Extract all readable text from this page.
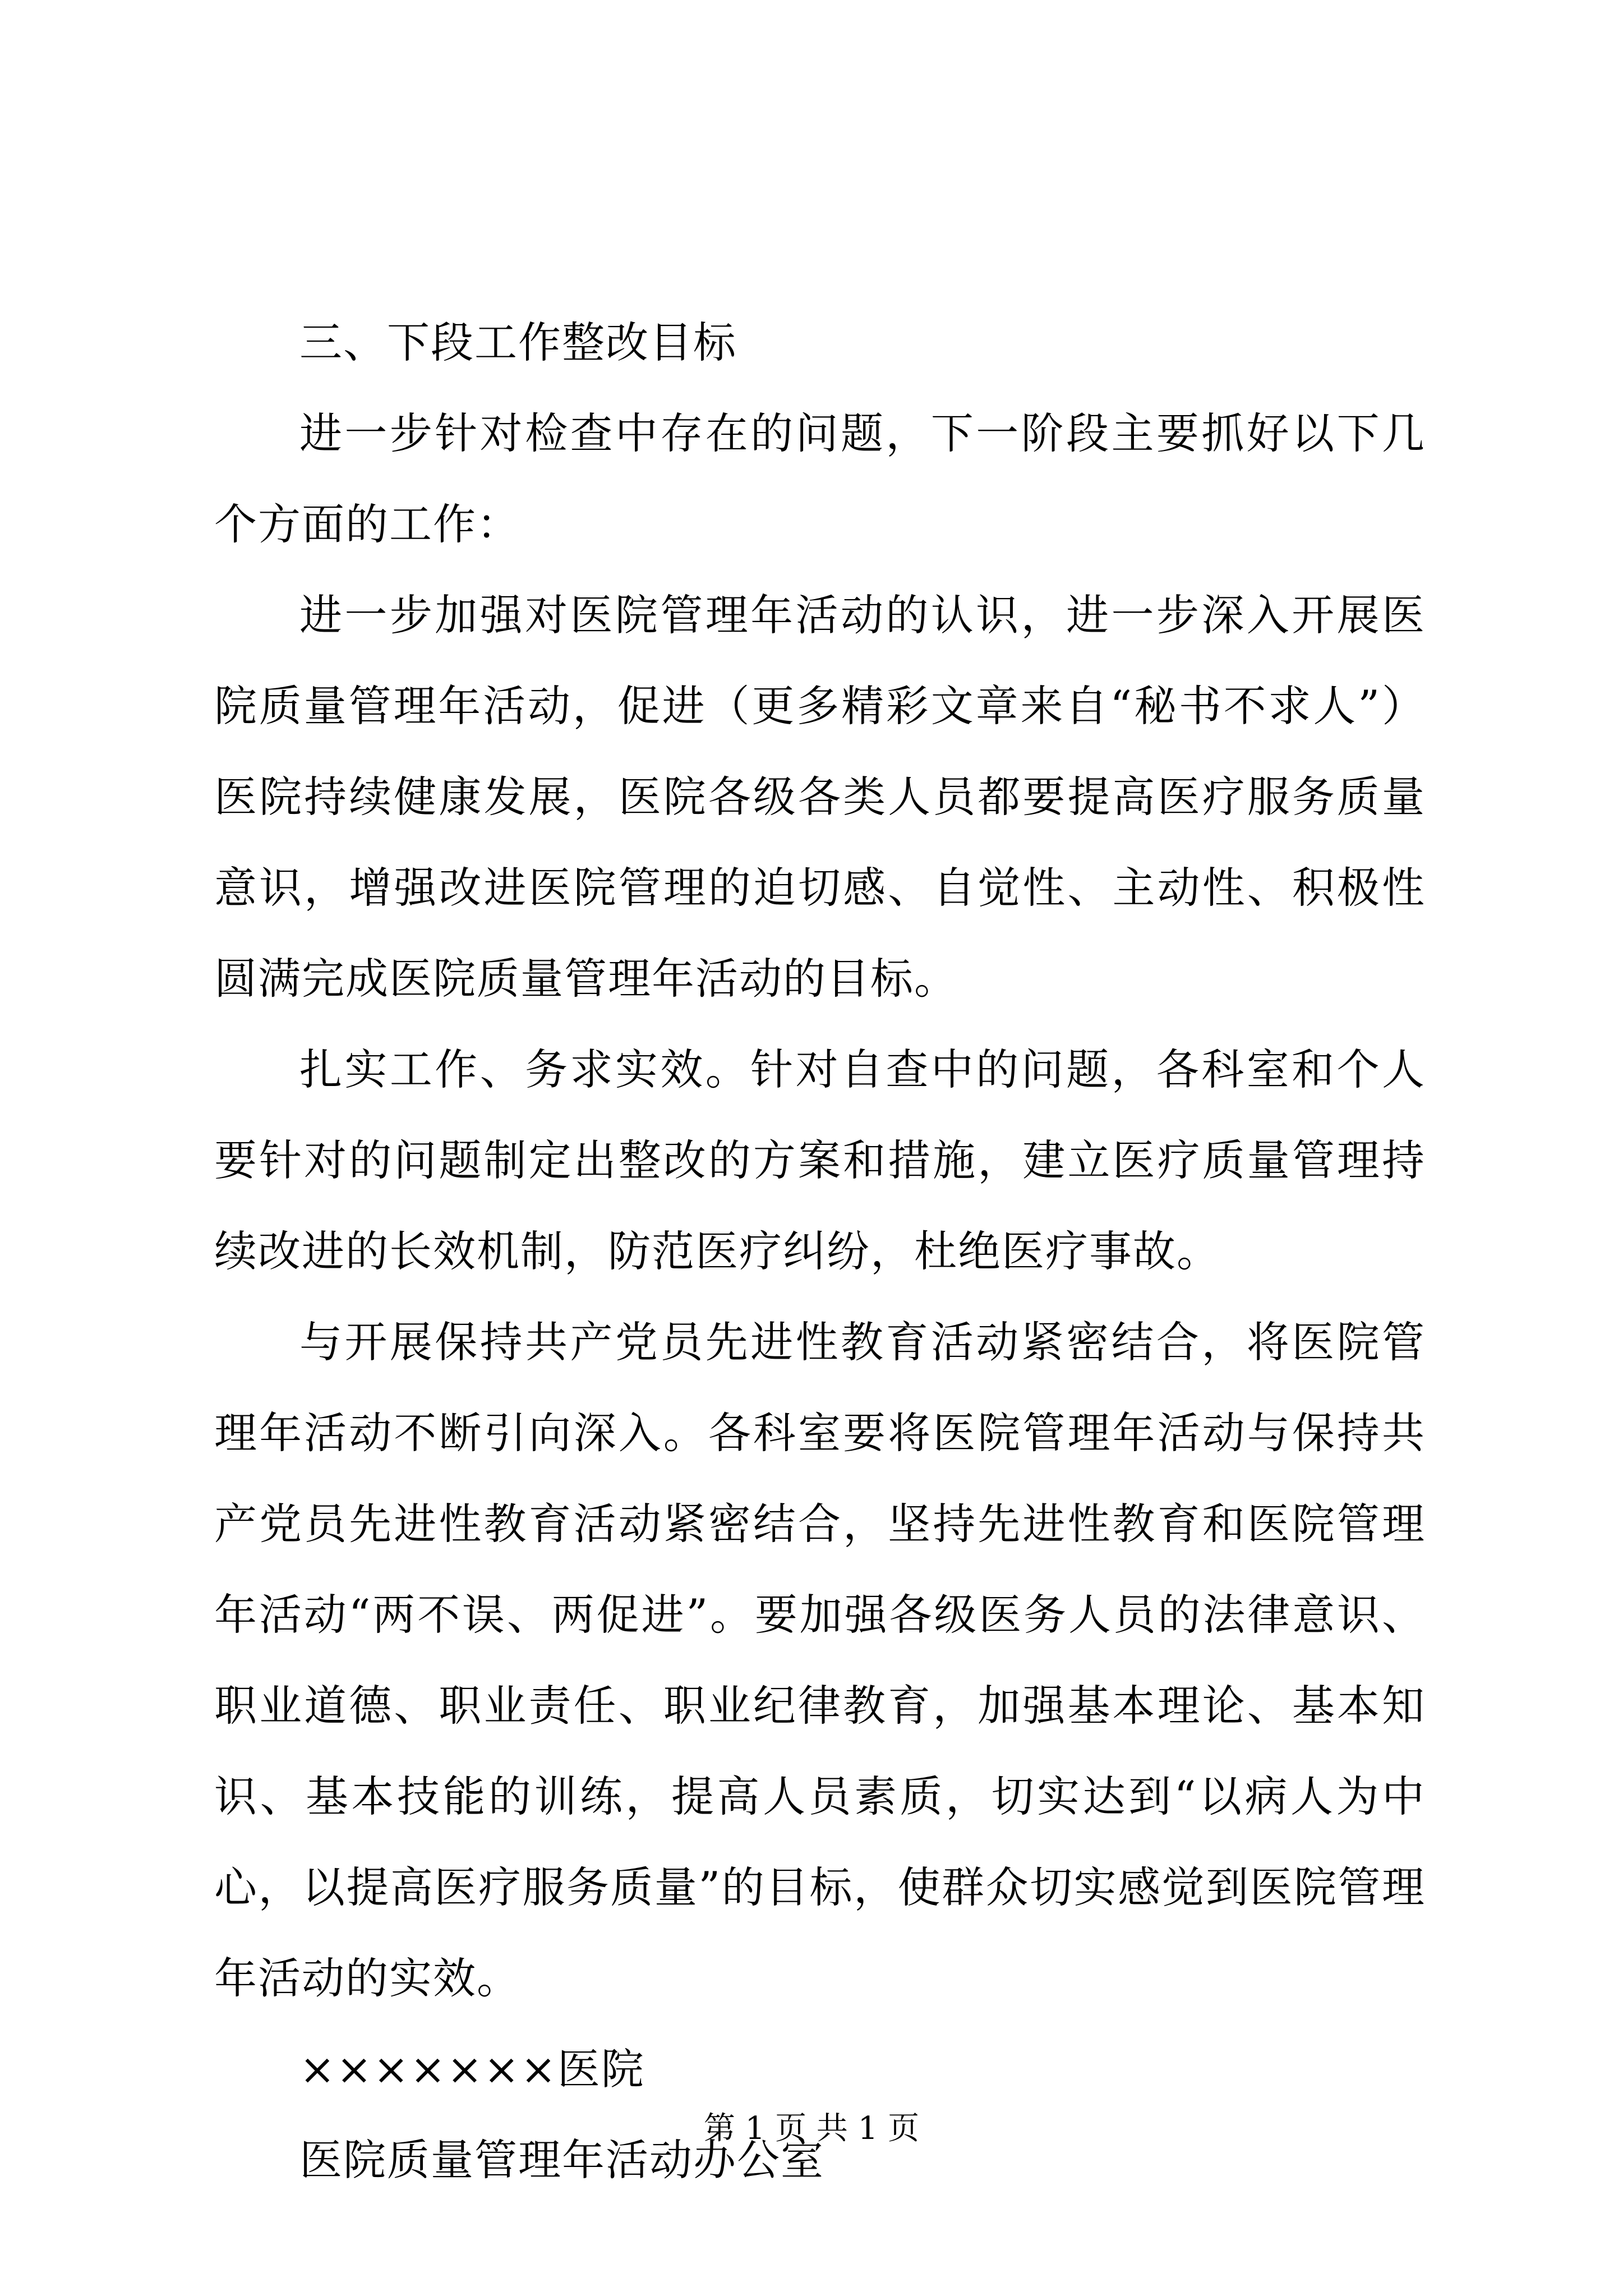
三、下段工作整改目标

进一步针对检查中存在的问题，下一阶段主要抓好以下几个方面的工作：

进一步加强对医院管理年活动的认识，进一步深入开展医院质量管理年活动，促进（更多精彩文章来自“秘书不求人”）医院持续健康发展，医院各级各类人员都要提高医疗服务质量意识，增强改进医院管理的迫切感、自觉性、主动性、积极性圆满完成医院质量管理年活动的目标。

扎实工作、务求实效。针对自查中的问题，各科室和个人要针对的问题制定出整改的方案和措施，建立医疗质量管理持续改进的长效机制，防范医疗纠纷，杜绝医疗事故。

与开展保持共产党员先进性教育活动紧密结合，将医院管理年活动不断引向深入。各科室要将医院管理年活动与保持共产党员先进性教育活动紧密结合，坚持先进性教育和医院管理年活动“两不误、两促进”。要加强各级医务人员的法律意识、职业道德、职业责任、职业纪律教育，加强基本理论、基本知识、基本技能的训练，提高人员素质，切实达到“以病人为中心，以提高医疗服务质量”的目标，使群众切实感觉到医院管理年活动的实效。

×××××××医院

医院质量管理年活动办公室

第 1 页 共 1 页
